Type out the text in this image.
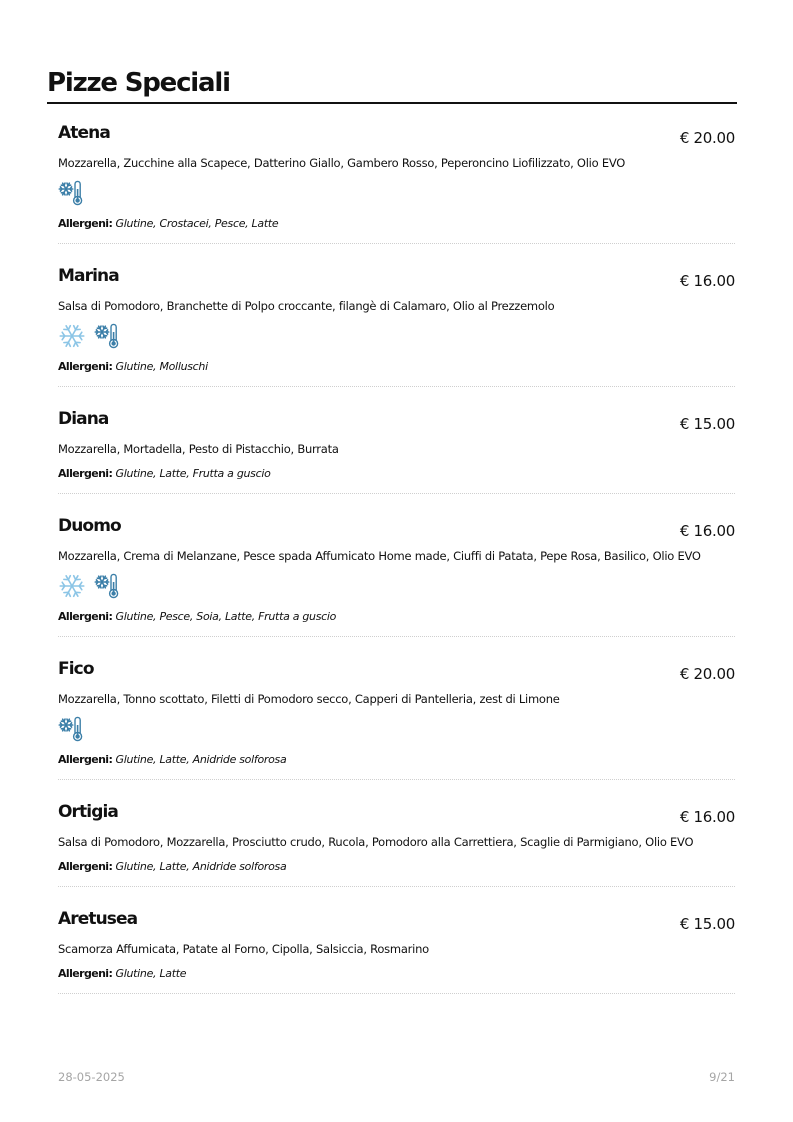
Pizze Speciali
Atena	€ 20.00
Mozzarella, Zucchine alla Scapece, Datterino Giallo, Gambero Rosso, Peperoncino Liofilizzato, Olio EVO
Allergeni: Glutine, Crostacei, Pesce, Latte
Marina	€ 16.00
Salsa di Pomodoro, Branchette di Polpo croccante, filangè di Calamaro, Olio al Prezzemolo
Allergeni: Glutine, Molluschi
Diana	€ 15.00
Mozzarella, Mortadella, Pesto di Pistacchio, Burrata
Allergeni: Glutine, Latte, Frutta a guscio
Duomo	€ 16.00
Mozzarella, Crema di Melanzane, Pesce spada Affumicato Home made, Ciuffi di Patata, Pepe Rosa, Basilico, Olio EVO
Allergeni: Glutine, Pesce, Soia, Latte, Frutta a guscio
Fico	€ 20.00
Mozzarella, Tonno scottato, Filetti di Pomodoro secco, Capperi di Pantelleria, zest di Limone
Allergeni: Glutine, Latte, Anidride solforosa
Ortigia	€ 16.00
Salsa di Pomodoro, Mozzarella, Prosciutto crudo, Rucola, Pomodoro alla Carrettiera, Scaglie di Parmigiano, Olio EVO
Allergeni: Glutine, Latte, Anidride solforosa
Aretusea	€ 15.00
Scamorza Affumicata, Patate al Forno, Cipolla, Salsiccia, Rosmarino
Allergeni: Glutine, Latte
28-05-2025	9/21
